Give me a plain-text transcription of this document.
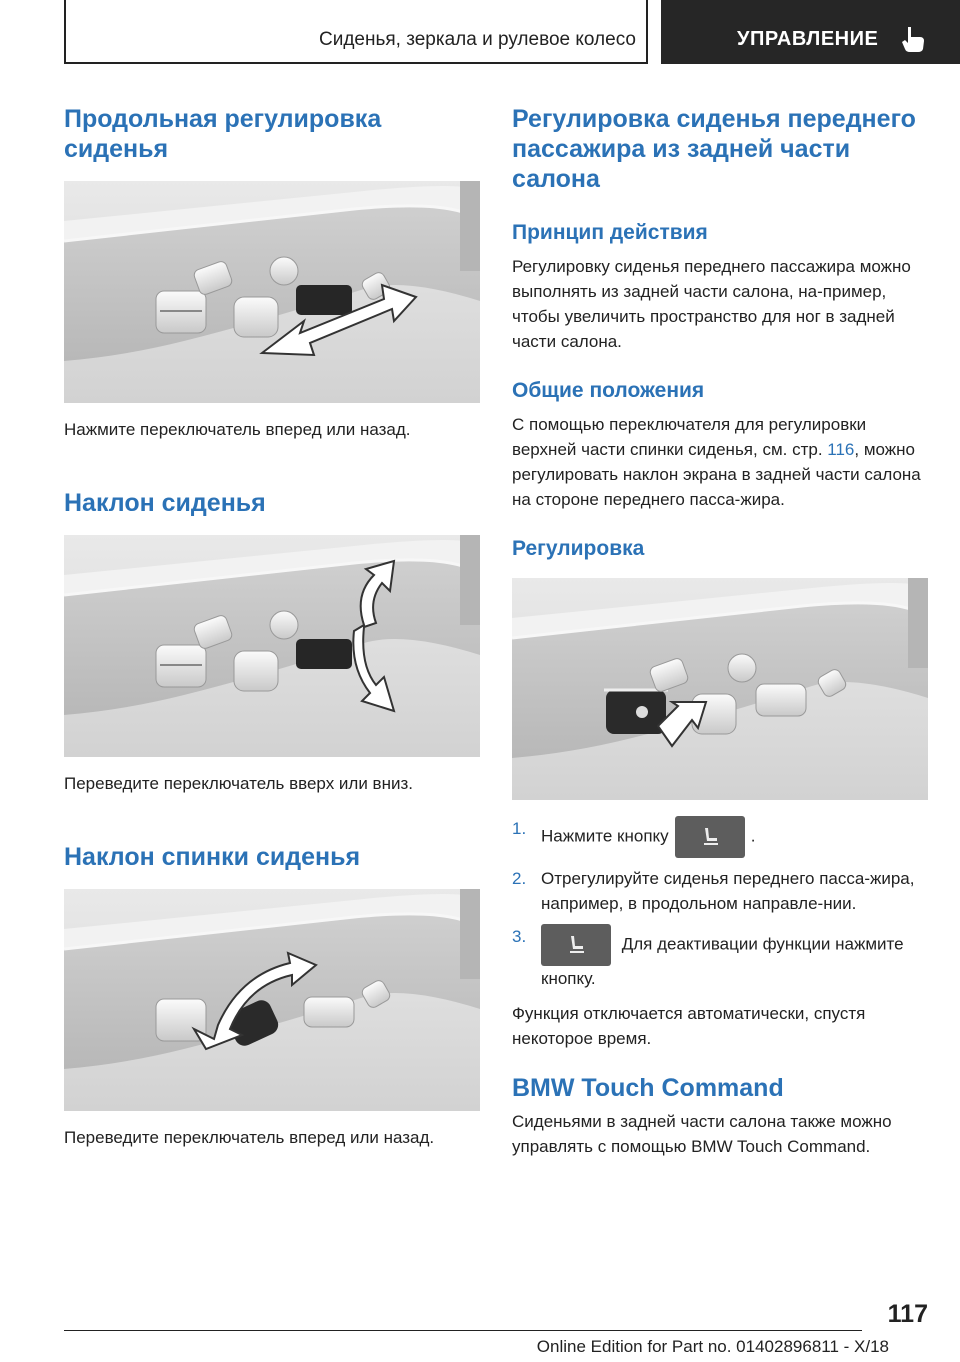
Сиденья, зеркала и рулевое колесо	УПРАВЛЕНИЕ
Продольная регулировка сиденья

Нажмите переключатель вперед или назад.

Наклон сиденья

Переведите переключатель вверх или вниз.

Наклон спинки сиденья

Переведите переключатель вперед или назад.

Регулировка сиденья переднего пассажира из задней части салона
Принцип действия

Регулировку сиденья переднего пассажира можно выполнять из задней части салона, на-пример, чтобы увеличить пространство для ног в задней части салона.

Общие положения

С помощью переключателя для регулировки верхней части спинки сиденья, см. стр. 116, можно регулировать наклон экрана в задней части салона на стороне переднего пасса-жира.

Регулировка
1. Нажмите кнопку	.
2. Отрегулируйте сиденья переднего пасса-жира, например, в продольном направле-нии.
3.	Для деактивации функции нажмите кнопку.

Функция отключается автоматически, спустя некоторое время.

BMW Touch Command

Сиденьями в задней части салона также можно управлять с помощью BMW Touch Command.

117
Online Edition for Part no. 01402896811 - X/18
